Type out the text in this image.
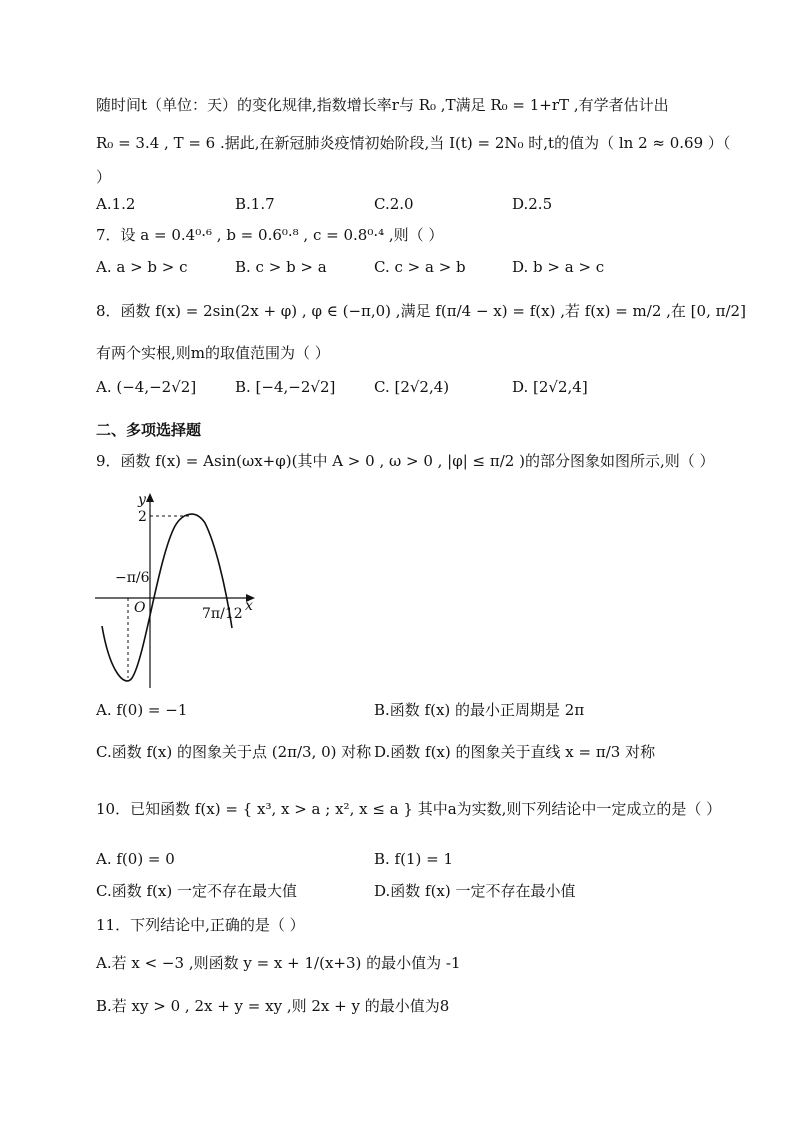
随时间t（单位：天）的变化规律,指数增长率r与 R₀ ,T满足 R₀ = 1+rT ,有学者估计出
R₀ = 3.4 , T = 6 .据此,在新冠肺炎疫情初始阶段,当 I(t) = 2N₀ 时,t的值为（ ln 2 ≈ 0.69 ）（
）
A.1.2	B.1.7	C.2.0	D.2.5
7．设 a = 0.4⁰·⁶ , b = 0.6⁰·⁸ , c = 0.8⁰·⁴ ,则（ ）
A. a > b > c	B. c > b > a	C. c > a > b	D. b > a > c
8．函数 f(x) = 2sin(2x + φ) , φ ∈ (−π,0) ,满足 f(π/4 − x) = f(x) ,若 f(x) = m/2 ,在 [0, π/2]
有两个实根,则m的取值范围为（ ）
A. (−4,−2√2]	B. [−4,−2√2]	C. [2√2,4)	D. [2√2,4]
二、多项选择题
9．函数 f(x) = Asin(ωx+φ)(其中 A > 0 , ω > 0 , |φ| ≤ π/2 )的部分图象如图所示,则（ ）
y
x
O
2
−π/6
7π/12
A. f(0) = −1	B.函数 f(x) 的最小正周期是 2π
C.函数 f(x) 的图象关于点 (2π/3, 0) 对称 D.函数 f(x) 的图象关于直线 x = π/3 对称
10．已知函数 f(x) = { x³, x > a ; x², x ≤ a } 其中a为实数,则下列结论中一定成立的是（ ）
A. f(0) = 0	B. f(1) = 1
C.函数 f(x) 一定不存在最大值	D.函数 f(x) 一定不存在最小值
11．下列结论中,正确的是（ ）
A.若 x < −3 ,则函数 y = x + 1/(x+3) 的最小值为 -1
B.若 xy > 0 , 2x + y = xy ,则 2x + y 的最小值为8
